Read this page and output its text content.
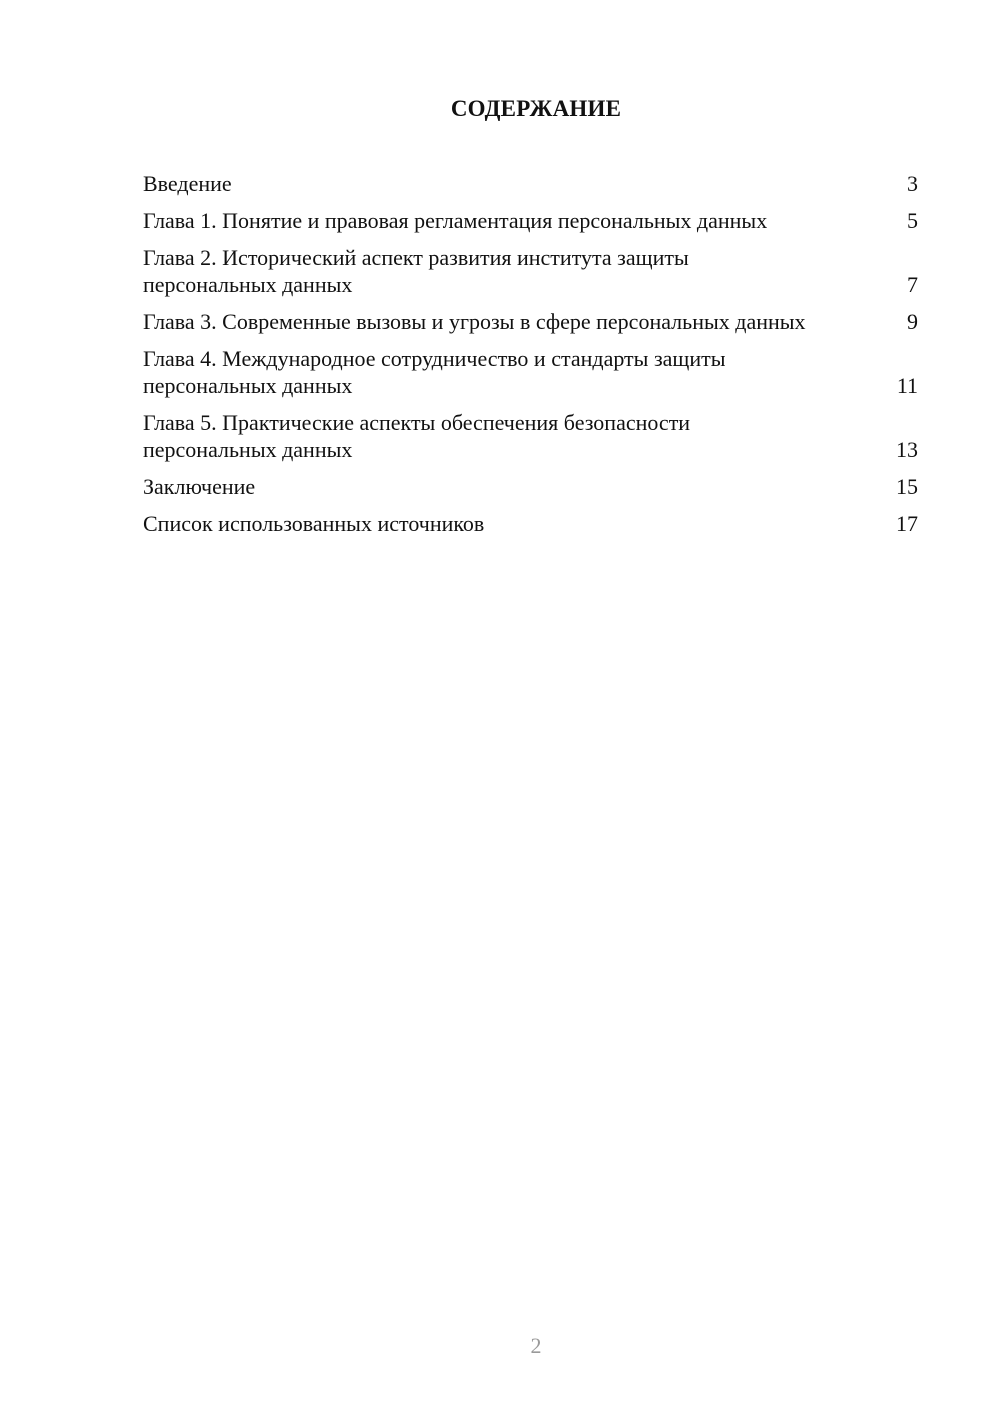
СОДЕРЖАНИЕ
Введение	3
Глава 1. Понятие и правовая регламентация персональных данных	5
Глава 2. Исторический аспект развития института защиты персональных данных	7
Глава 3. Современные вызовы и угрозы в сфере персональных данных	9
Глава 4. Международное сотрудничество и стандарты защиты персональных данных	11
Глава 5. Практические аспекты обеспечения безопасности персональных данных	13
Заключение	15
Список использованных источников	17
2
